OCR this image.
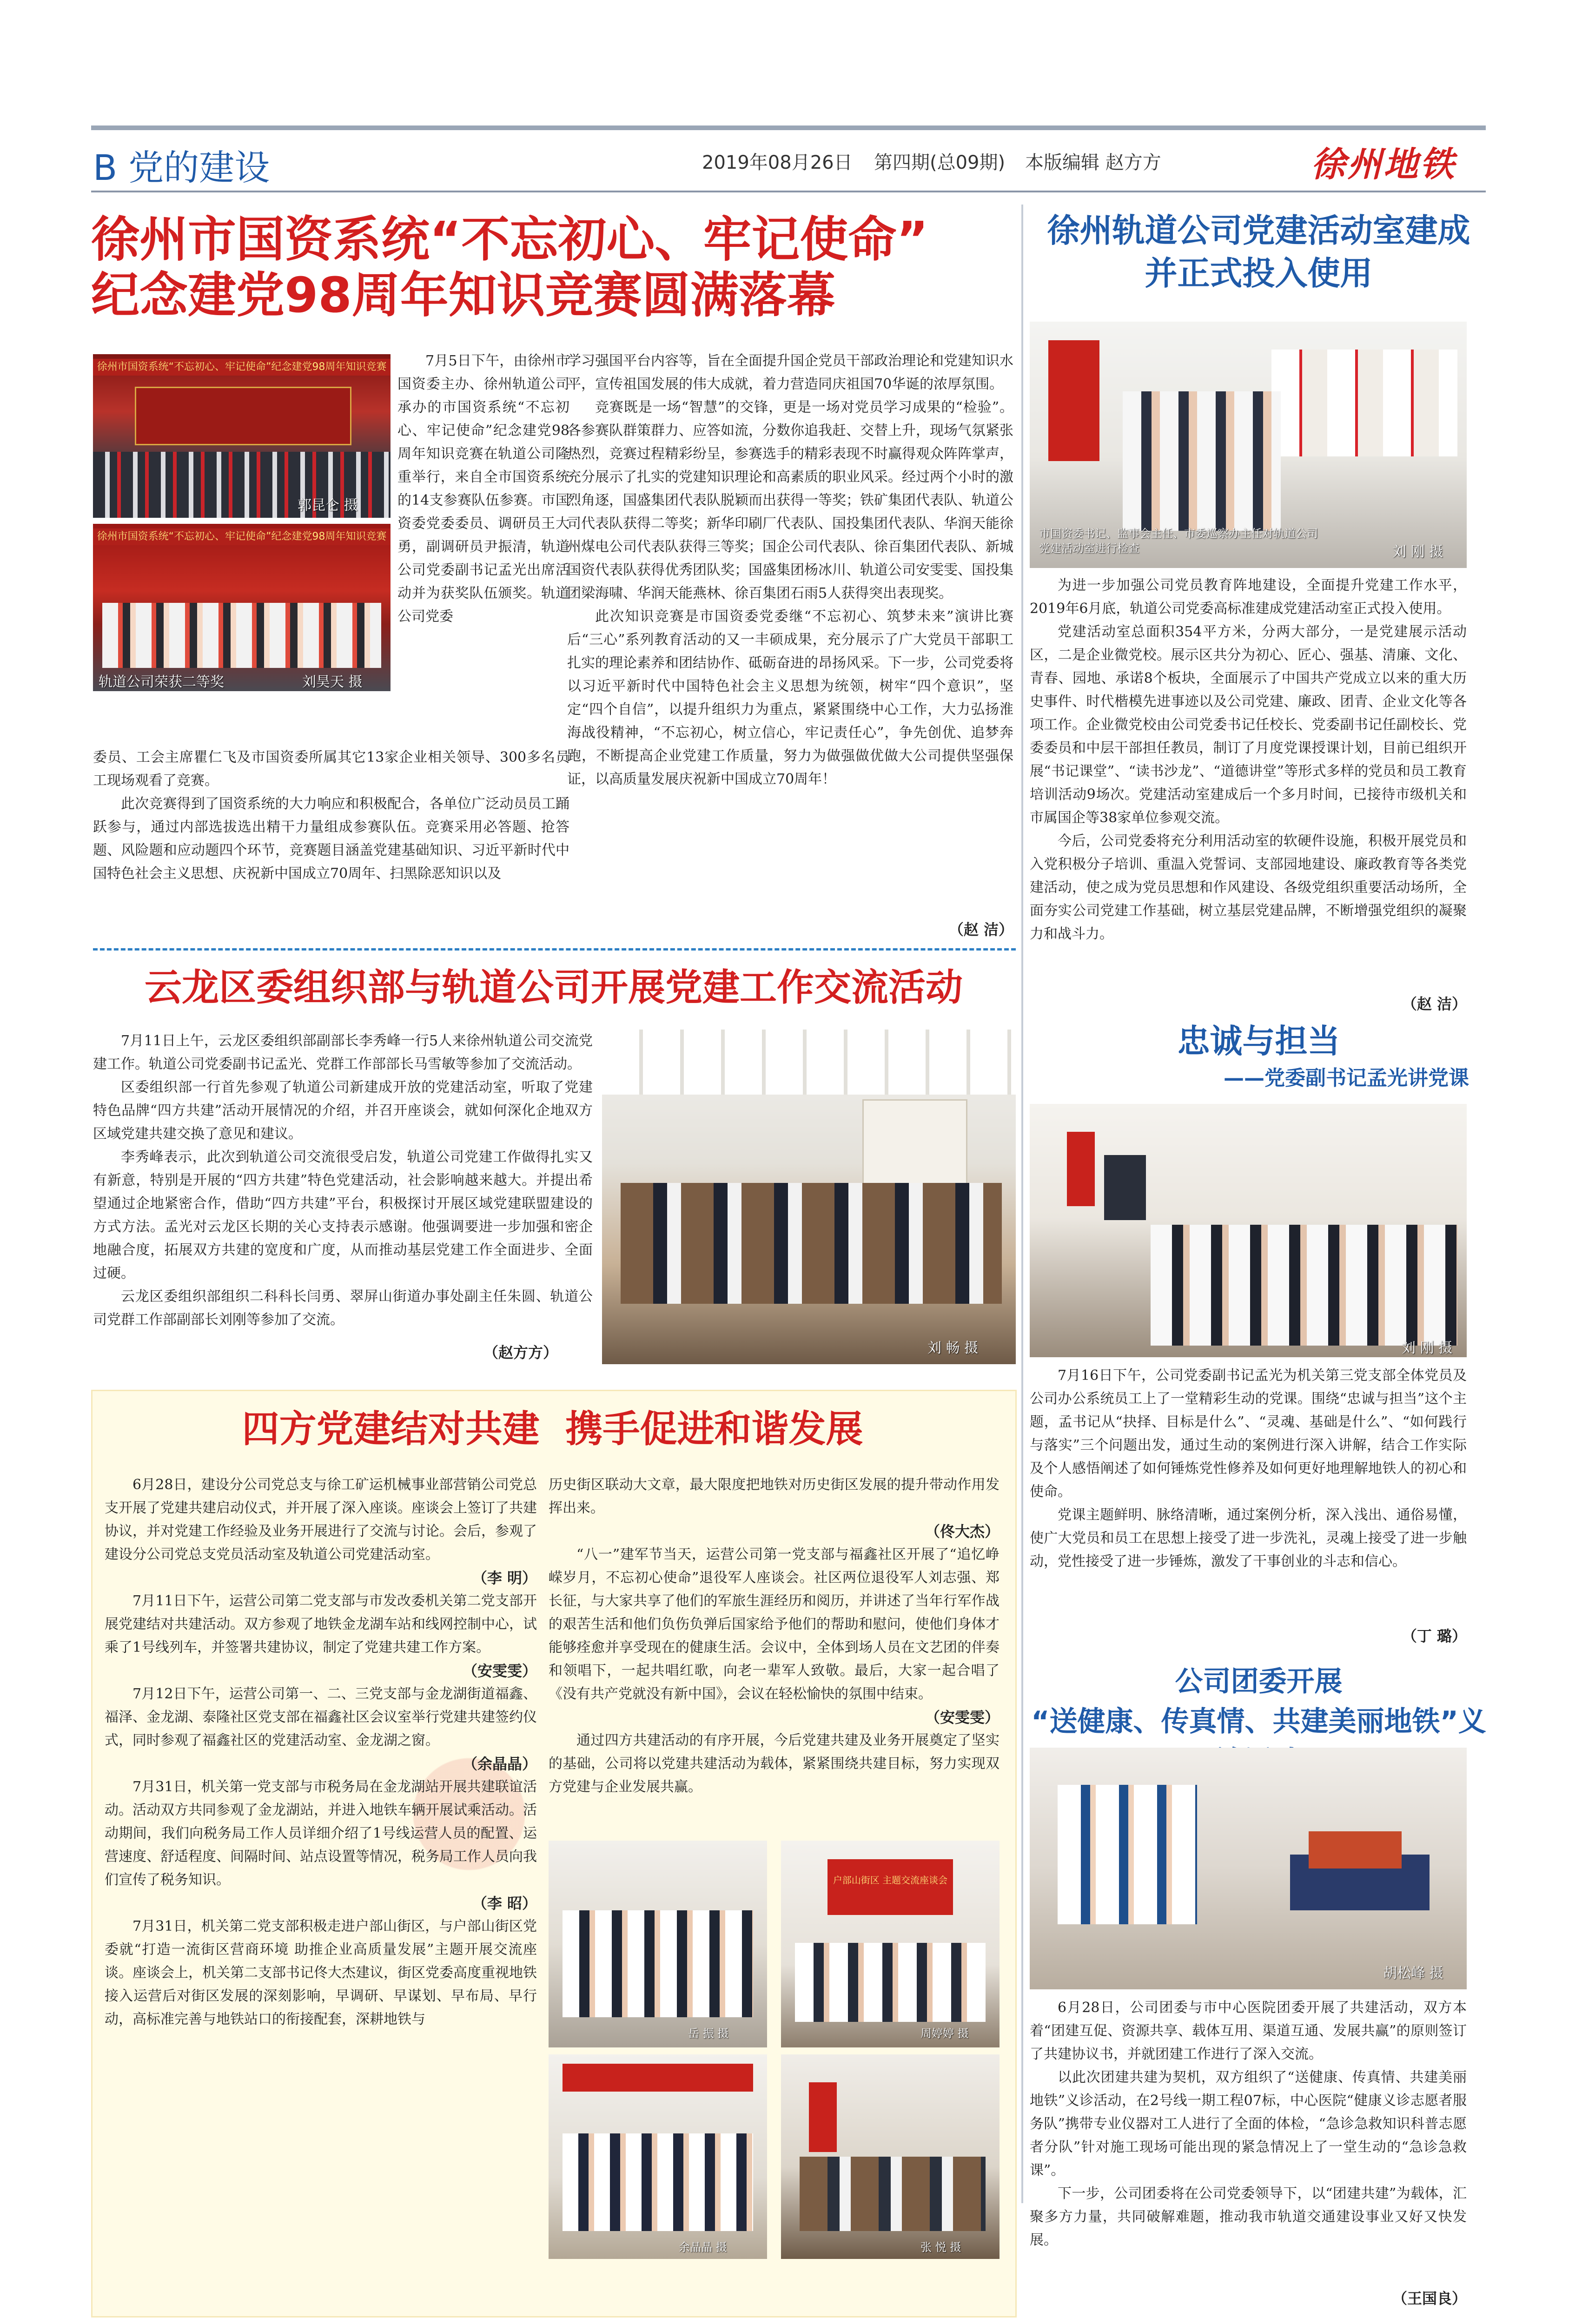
B 党的建设	2019年08月26日 第四期(总09期) 本版编辑 赵方方	徐州地铁
徐州市国资系统“不忘初心、牢记使命”
纪念建党98周年知识竞赛圆满落幕
徐州市国资系统“不忘初心、牢记使命”纪念建党98周年知识竞赛
郭昆仑 摄
徐州市国资系统“不忘初心、牢记使命”纪念建党98周年知识竞赛
轨道公司荣获二等奖	刘昊天 摄

7月5日下午，由徐州市国资委主办、徐州轨道公司承办的市国资系统“不忘初心、牢记使命”纪念建党98周年知识竞赛在轨道公司隆重举行，来自全市国资系统的14支参赛队伍参赛。市国资委党委委员、调研员王大勇，副调研员尹振清，轨道公司党委副书记孟光出席活动并为获奖队伍颁奖。轨道公司党委

委员、工会主席瞿仁飞及市国资委所属其它13家企业相关领导、300多名员工现场观看了竞赛。

此次竞赛得到了国资系统的大力响应和积极配合，各单位广泛动员员工踊跃参与，通过内部选拔选出精干力量组成参赛队伍。竞赛采用必答题、抢答题、风险题和应动题四个环节，竞赛题目涵盖党建基础知识、习近平新时代中国特色社会主义思想、庆祝新中国成立70周年、扫黑除恶知识以及

学习强国平台内容等，旨在全面提升国企党员干部政治理论和党建知识水平，宣传祖国发展的伟大成就，着力营造同庆祖国70华诞的浓厚氛围。

竞赛既是一场“智慧”的交锋，更是一场对党员学习成果的“检验”。各参赛队群策群力、应答如流，分数你追我赶、交替上升，现场气氛紧张热烈，竞赛过程精彩纷呈，参赛选手的精彩表现不时赢得观众阵阵掌声，充分展示了扎实的党建知识理论和高素质的职业风采。经过两个小时的激烈角逐，国盛集团代表队脱颖而出获得一等奖；铁矿集团代表队、轨道公司代表队获得二等奖；新华印刷厂代表队、国投集团代表队、华润天能徐州煤电公司代表队获得三等奖；国企公司代表队、徐百集团代表队、新城国资代表队获得优秀团队奖；国盛集团杨冰川、轨道公司安雯雯、国投集团梁海啸、华润天能燕林、徐百集团石雨5人获得突出表现奖。

此次知识竞赛是市国资委党委继“不忘初心、筑梦未来”演讲比赛后“三心”系列教育活动的又一丰硕成果，充分展示了广大党员干部职工扎实的理论素养和团结协作、砥砺奋进的昂扬风采。下一步，公司党委将以习近平新时代中国特色社会主义思想为统领，树牢“四个意识”，坚定“四个自信”，以提升组织力为重点，紧紧围绕中心工作，大力弘扬淮海战役精神，“不忘初心，树立信心，牢记责任心”，争先创优、追梦奔跑，不断提高企业党建工作质量，努力为做强做优做大公司提供坚强保证，以高质量发展庆祝新中国成立70周年！

（赵 洁）
徐州轨道公司党建活动室建成
并正式投入使用
市国资委书记、监事会主任、市委巡察办主任对轨道公司党建活动室进行检查	刘 刚 摄

为进一步加强公司党员教育阵地建设，全面提升党建工作水平，2019年6月底，轨道公司党委高标准建成党建活动室正式投入使用。

党建活动室总面积354平方米，分两大部分，一是党建展示活动区，二是企业微党校。展示区共分为初心、匠心、强基、清廉、文化、青春、园地、承诺8个板块，全面展示了中国共产党成立以来的重大历史事件、时代楷模先进事迹以及公司党建、廉政、团青、企业文化等各项工作。企业微党校由公司党委书记任校长、党委副书记任副校长、党委委员和中层干部担任教员，制订了月度党课授课计划，目前已组织开展“书记课堂”、“读书沙龙”、“道德讲堂”等形式多样的党员和员工教育培训活动9场次。党建活动室建成后一个多月时间，已接待市级机关和市属国企等38家单位参观交流。

今后，公司党委将充分利用活动室的软硬件设施，积极开展党员和入党积极分子培训、重温入党誓词、支部园地建设、廉政教育等各类党建活动，使之成为党员思想和作风建设、各级党组织重要活动场所，全面夯实公司党建工作基础，树立基层党建品牌，不断增强党组织的凝聚力和战斗力。

（赵 洁）
云龙区委组织部与轨道公司开展党建工作交流活动

7月11日上午，云龙区委组织部副部长李秀峰一行5人来徐州轨道公司交流党建工作。轨道公司党委副书记孟光、党群工作部部长马雪敏等参加了交流活动。

区委组织部一行首先参观了轨道公司新建成开放的党建活动室，听取了党建特色品牌“四方共建”活动开展情况的介绍，并召开座谈会，就如何深化企地双方区域党建共建交换了意见和建议。

李秀峰表示，此次到轨道公司交流很受启发，轨道公司党建工作做得扎实又有新意，特别是开展的“四方共建”特色党建活动，社会影响越来越大。并提出希望通过企地紧密合作，借助“四方共建”平台，积极探讨开展区域党建联盟建设的方式方法。孟光对云龙区长期的关心支持表示感谢。他强调要进一步加强和密企地融合度，拓展双方共建的宽度和广度，从而推动基层党建工作全面进步、全面过硬。

云龙区委组织部组织二科科长闫勇、翠屏山街道办事处副主任朱圆、轨道公司党群工作部副部长刘刚等参加了交流。

（赵方方）	刘 畅 摄
忠诚与担当
——党委副书记孟光讲党课
刘 刚 摄

7月16日下午，公司党委副书记孟光为机关第三党支部全体党员及公司办公系统员工上了一堂精彩生动的党课。围绕“忠诚与担当”这个主题，孟书记从“抉择、目标是什么”、“灵魂、基础是什么”、“如何践行与落实”三个问题出发，通过生动的案例进行深入讲解，结合工作实际及个人感悟阐述了如何锤炼党性修养及如何更好地理解地铁人的初心和使命。

党课主题鲜明、脉络清晰，通过案例分析，深入浅出、通俗易懂，使广大党员和员工在思想上接受了进一步洗礼，灵魂上接受了进一步触动，党性接受了进一步锤炼，激发了干事创业的斗志和信心。

（丁 璐）
公司团委开展
“送健康、传真情、共建美丽地铁”义
胡松峰 摄

6月28日，公司团委与市中心医院团委开展了共建活动，双方本着“团建互促、资源共享、载体互用、渠道互通、发展共赢”的原则签订了共建协议书，并就团建工作进行了深入交流。

以此次团建共建为契机，双方组织了“送健康、传真情、共建美丽地铁”义诊活动，在2号线一期工程07标，中心医院“健康义诊志愿者服务队”携带专业仪器对工人进行了全面的体检，“急诊急救知识科普志愿者分队”针对施工现场可能出现的紧急情况上了一堂生动的“急诊急救课”。

下一步，公司团委将在公司党委领导下，以“团建共建”为载体，汇聚多方力量，共同破解难题，推动我市轨道交通建设事业又好又快发展。

（王国良）
四方党建结对共建  携手促进和谐发展

6月28日，建设分公司党总支与徐工矿运机械事业部营销公司党总支开展了党建共建启动仪式，并开展了深入座谈。座谈会上签订了共建协议，并对党建工作经验及业务开展进行了交流与讨论。会后，参观了建设分公司党总支党员活动室及轨道公司党建活动室。

（李 明）

7月11日下午，运营公司第二党支部与市发改委机关第二党支部开展党建结对共建活动。双方参观了地铁金龙湖车站和线网控制中心，试乘了1号线列车，并签署共建协议，制定了党建共建工作方案。

（安雯雯）

7月12日下午，运营公司第一、二、三党支部与金龙湖街道福鑫、福泽、金龙湖、泰隆社区党支部在福鑫社区会议室举行党建共建签约仪式，同时参观了福鑫社区的党建活动室、金龙湖之窗。

（余晶晶）

7月31日，机关第一党支部与市税务局在金龙湖站开展共建联谊活动。活动双方共同参观了金龙湖站，并进入地铁车辆开展试乘活动。活动期间，我们向税务局工作人员详细介绍了1号线运营人员的配置、运营速度、舒适程度、间隔时间、站点设置等情况，税务局工作人员向我们宣传了税务知识。

（李 昭）

7月31日，机关第二党支部积极走进户部山街区，与户部山街区党委就“打造一流街区营商环境 助推企业高质量发展”主题开展交流座谈。座谈会上，机关第二支部书记佟大杰建议，街区党委高度重视地铁接入运营后对街区发展的深刻影响，早调研、早谋划、早布局、早行动，高标准完善与地铁站口的衔接配套，深耕地铁与

历史街区联动大文章，最大限度把地铁对历史街区发展的提升带动作用发挥出来。
（佟大杰）

“八一”建军节当天，运营公司第一党支部与福鑫社区开展了“追忆峥嵘岁月，不忘初心使命”退役军人座谈会。社区两位退役军人刘志强、郑长征，与大家共享了他们的军旅生涯经历和阅历，并讲述了当年行军作战的艰苦生活和他们负伤负弹后国家给予他们的帮助和慰问，使他们身体才能够痊愈并享受现在的健康生活。会议中，全体到场人员在文艺团的伴奏和领唱下，一起共唱红歌，向老一辈军人致敬。最后，大家一起合唱了《没有共产党就没有新中国》，会议在轻松愉快的氛围中结束。

（安雯雯）

通过四方共建活动的有序开展，今后党建共建及业务开展奠定了坚实的基础，公司将以党建共建活动为载体，紧紧围绕共建目标，努力实现双方党建与企业发展共赢。

岳 振 摄
户部山街区 主题交流座谈会
周婷婷 摄
余晶晶 摄	张 悦 摄
